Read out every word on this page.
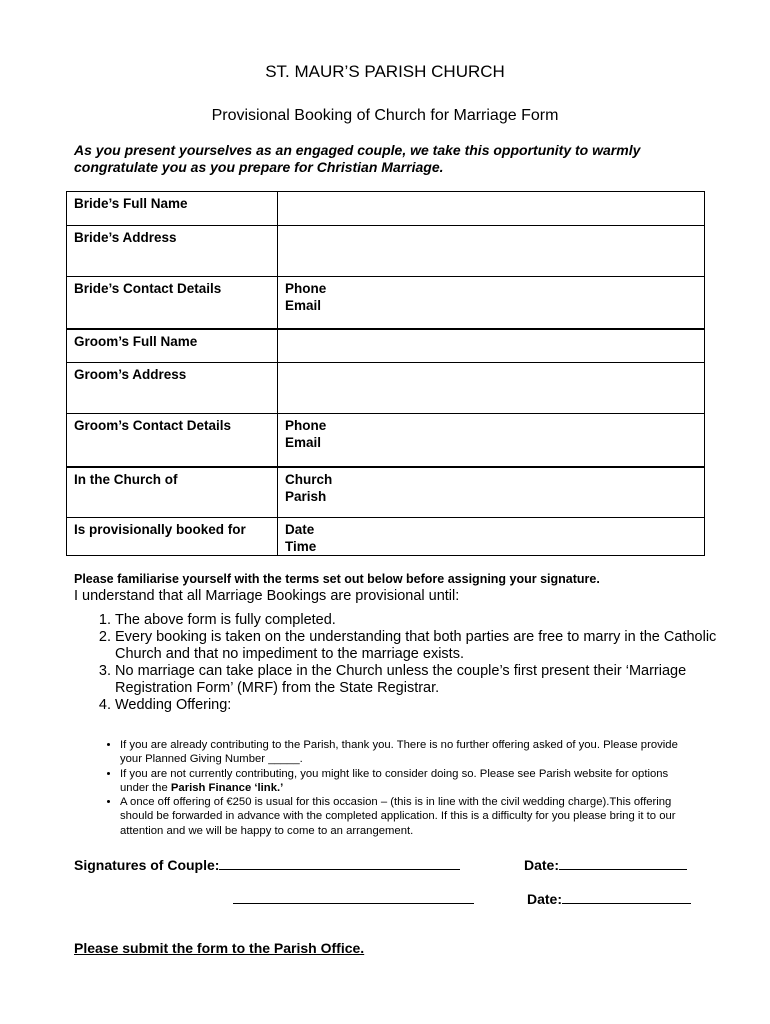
ST. MAUR’S PARISH CHURCH
Provisional Booking of Church for Marriage Form
As you present yourselves as an engaged couple, we take this opportunity to warmly congratulate you as you prepare for Christian Marriage.
Bride’s Full Name	
Bride’s Address	
Bride’s Contact Details	Phone
Email

Groom’s Full Name	
Groom’s Address	
Groom’s Contact Details	Phone
Email

In the Church of	Church
Parish

Is provisionally booked for	Date
Time
Please familiarise yourself with the terms set out below before assigning your signature.
I understand that all Marriage Bookings are provisional until:
1. The above form is fully completed.
2. Every booking is taken on the understanding that both parties are free to marry in the Catholic Church and that no impediment to the marriage exists.
3. No marriage can take place in the Church unless the couple’s first present their ‘Marriage Registration Form’ (MRF) from the State Registrar.
4. Wedding Offering:
• If you are already contributing to the Parish, thank you. There is no further offering asked of you. Please provide your Planned Giving Number _____.
• If you are not currently contributing, you might like to consider doing so. Please see Parish website for options under the Parish Finance ‘link.’
• A once off offering of €250 is usual for this occasion – (this is in line with the civil wedding charge).This offering should be forwarded in advance with the completed application. If this is a difficulty for you please bring it to our attention and we will be happy to come to an arrangement.
Signatures of Couple:	Date:
Date:
Please submit the form to the Parish Office.
